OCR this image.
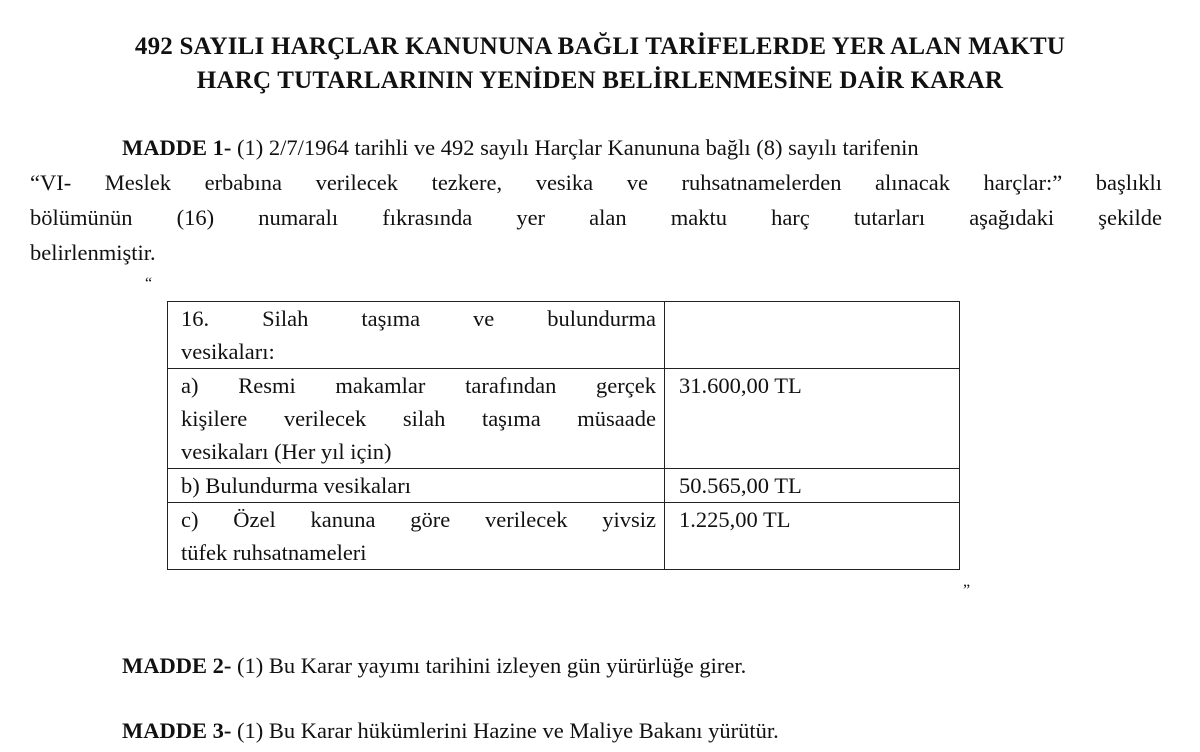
492 SAYILI HARÇLAR KANUNUNA BAĞLI TARİFELERDE YER ALAN MAKTU
HARÇ TUTARLARININ YENİDEN BELİRLENMESİNE DAİR KARAR
MADDE 1- (1) 2/7/1964 tarihli ve 492 sayılı Harçlar Kanununa bağlı (8) sayılı tarifenin
“VI- Meslek erbabına verilecek tezkere, vesika ve ruhsatnamelerden alınacak harçlar:” başlıklı
bölümünün (16) numaralı fıkrasında yer alan maktu harç tutarları aşağıdaki şekilde
belirlenmiştir.
“
16. Silah taşıma ve bulundurma
vesikaları:	

a) Resmi makamlar tarafından gerçek
kişilere verilecek silah taşıma müsaade
vesikaları (Her yıl için)	31.600,00 TL

b) Bulundurma vesikaları	50.565,00 TL

c) Özel kanuna göre verilecek yivsiz
tüfek ruhsatnameleri	1.225,00 TL
”
MADDE 2- (1) Bu Karar yayımı tarihini izleyen gün yürürlüğe girer.
MADDE 3- (1) Bu Karar hükümlerini Hazine ve Maliye Bakanı yürütür.
